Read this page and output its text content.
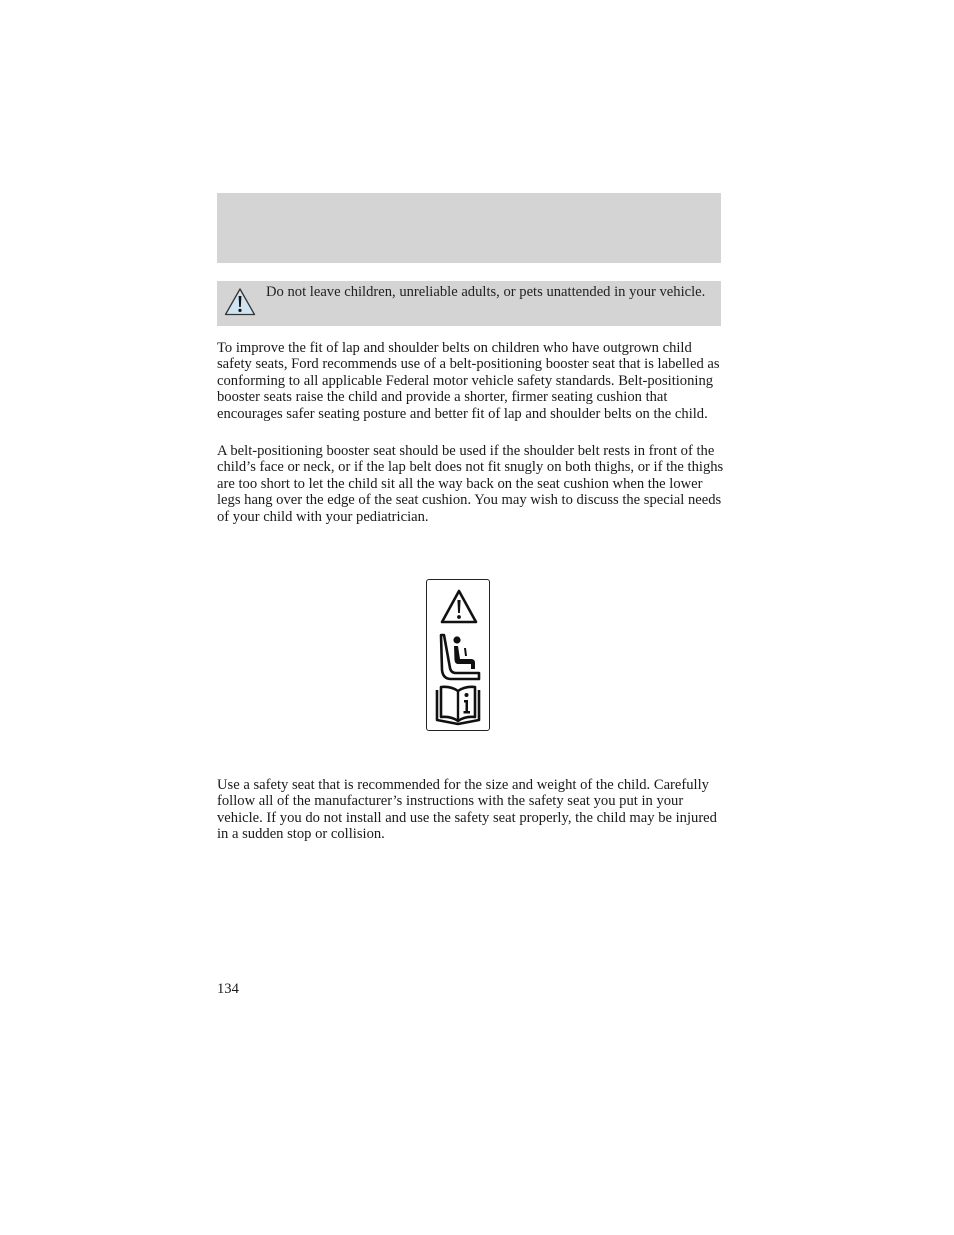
Do not leave children, unreliable adults, or pets unattended in your vehicle.

To improve the fit of lap and shoulder belts on children who have outgrown child safety seats, Ford recommends use of a belt-positioning booster seat that is labelled as conforming to all applicable Federal motor vehicle safety standards. Belt-positioning booster seats raise the child and provide a shorter, firmer seating cushion that encourages safer seating posture and better fit of lap and shoulder belts on the child.

A belt-positioning booster seat should be used if the shoulder belt rests in front of the child’s face or neck, or if the lap belt does not fit snugly on both thighs, or if the thighs are too short to let the child sit all the way back on the seat cushion when the lower legs hang over the edge of the seat cushion. You may wish to discuss the special needs of your child with your pediatrician.

Use a safety seat that is recommended for the size and weight of the child. Carefully follow all of the manufacturer’s instructions with the safety seat you put in your vehicle. If you do not install and use the safety seat properly, the child may be injured in a sudden stop or collision.

134
